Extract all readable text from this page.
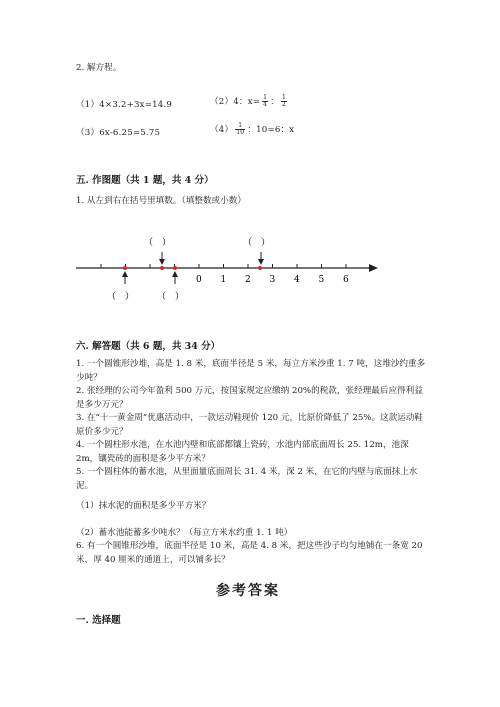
2. 解方程。
（1）4×3.2+3x=14.9	（2）4：$x= \frac{1}{4}$ ： $\frac{1}{2}$
（3）6x-6.25=5.75	$(4) \frac{1}{10}$ ：10=6：x
五. 作图题（共 1 题，共 4 分）
1. 从左到右在括号里填数。（填整数或小数）
0 1 2 3 4 5 6
（　）	（　）
（　）	（　）
六. 解答题（共 6 题，共 34 分）
1. 一个圆锥形沙堆，高是 1. 8 米，底面半径是 5 米，每立方米沙重 1. 7 吨，这堆沙约重多少吨？
2. 张经理的公司今年盈利 500 万元，按国家规定应缴纳 20%的税款，张经理最后应得利益是多少万元？
3. 在“十一黄金周”优惠活动中，一款运动鞋现价 120 元，比原价降低了 25%。这款运动鞋原价多少元？
4. 一个圆柱形水池，在水池内壁和底部都镶上瓷砖，水池内部底面周长 25. 12m，池深 2m，镶瓷砖的面积是多少平方米？
5. 一个圆柱体的蓄水池，从里面量底面周长 31. 4 米，深 2 米，在它的内壁与底面抹上水泥。
（1）抹水泥的面积是多少平方米？
（2）蓄水池能蓄多少吨水？（每立方米水约重 1. 1 吨）
6. 有一个圆锥形沙堆，底面半径是 10 米，高是 4. 8 米，把这些沙子均匀地铺在一条宽 20 米，厚 40 厘米的通道上，可以铺多长？
参考答案
一. 选择题
